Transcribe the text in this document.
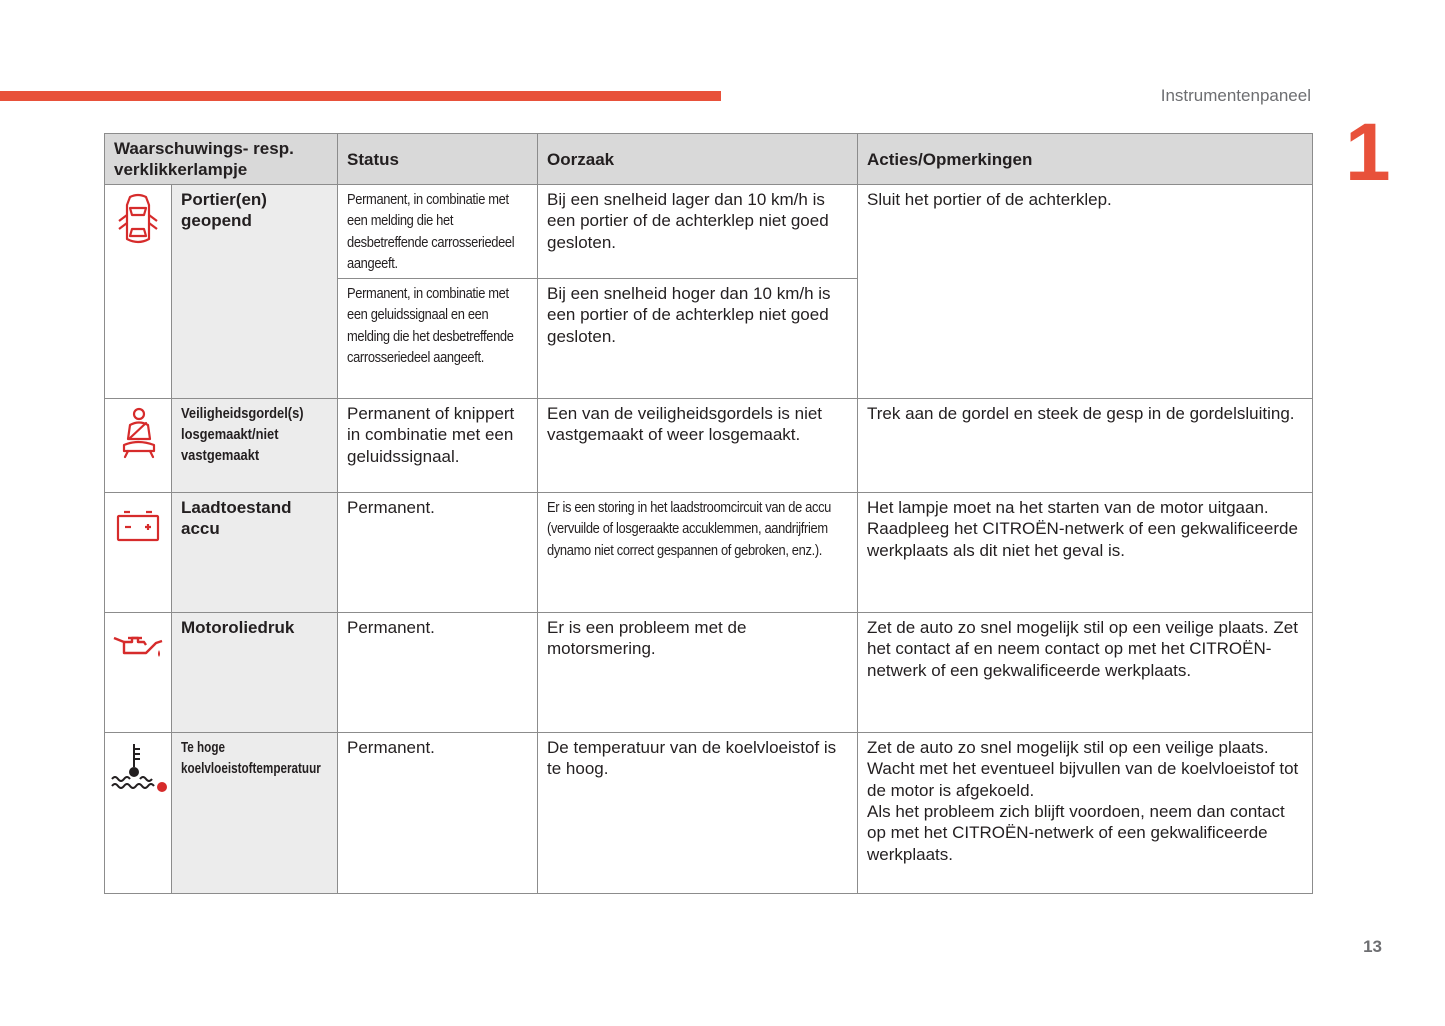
Instrumentenpaneel
1
Waarschuwings- resp. verklikkerlampje		Status	Oorzaak	Acties/Opmerkingen

	Portier(en) geopend	Permanent, in combinatie met een melding die het desbetreffende carrosseriedeel aangeeft.	Bij een snelheid lager dan 10 km/h is een portier of de achterklep niet goed gesloten.	Sluit het portier of de achterklep.
		Permanent, in combinatie met een geluidssignaal en een melding die het desbetreffende carrosseriedeel aangeeft.	Bij een snelheid hoger dan 10 km/h is een portier of de achterklep niet goed gesloten.	

	Veiligheidsgordel(s) losgemaakt/niet vastgemaakt	Permanent of knippert in combinatie met een geluidssignaal.	Een van de veiligheidsgordels is niet vastgemaakt of weer losgemaakt.	Trek aan de gordel en steek de gesp in de gordelsluiting.

	Laadtoestand accu	Permanent.	Er is een storing in het laadstroomcircuit van de accu (vervuilde of losgeraakte accuklemmen, aandrijfriem dynamo niet correct gespannen of gebroken, enz.).	Het lampje moet na het starten van de motor uitgaan. Raadpleeg het CITROËN-netwerk of een gekwalificeerde werkplaats als dit niet het geval is.

	Motoroliedruk	Permanent.	Er is een probleem met de motorsmering.	Zet de auto zo snel mogelijk stil op een veilige plaats. Zet het contact af en neem contact op met het CITROËN-netwerk of een gekwalificeerde werkplaats.

	Te hoge koelvloeistoftemperatuur	Permanent.	De temperatuur van de koelvloeistof is te hoog.	Zet de auto zo snel mogelijk stil op een veilige plaats. Wacht met het eventueel bijvullen van de koelvloeistof tot de motor is afgekoeld.
Als het probleem zich blijft voordoen, neem dan contact op met het CITROËN-netwerk of een gekwalificeerde werkplaats.
13
